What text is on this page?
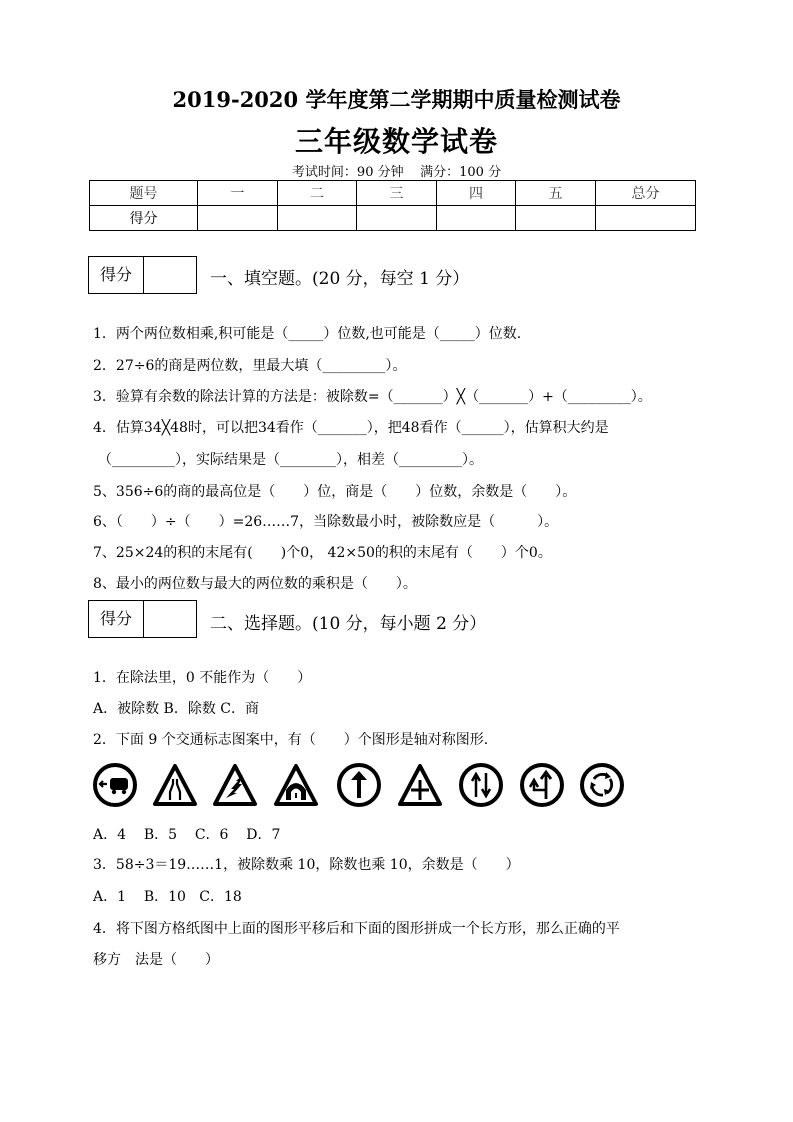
2019-2020 学年度第二学期期中质量检测试卷
三年级数学试卷
考试时间：90 分钟    满分：100 分
题号	一	二	三	四	五	总分
得分						
得分	一、填空题。(20 分，每空 1 分）
1．两个两位数相乘,积可能是（_____）位数,也可能是（_____）位数.
2．27÷6的商是两位数，里最大填（_________）。
3．验算有余数的除法计算的方法是：被除数=（_______）╳（_______）+（_________）。
4．估算34╳48时，可以把34看作（_______），把48看作（______），估算积大约是
（_________），实际结果是（________），相差（_________）。
5、356÷6的商的最高位是（　　）位，商是（　　）位数，余数是（　　）。
6、（　　）÷（　　）=26……7，当除数最小时，被除数应是（　　　）。
7、25×24的积的末尾有(　　)个0， 42×50的积的末尾有（　　）个0。
8、最小的两位数与最大的两位数的乘积是（　　）。
得分	二、选择题。(10 分，每小题 2 分）
1．在除法里，0 不能作为（　　）
A．被除数 B．除数 C．商
2．下面 9 个交通标志图案中，有（　　）个图形是轴对称图形.
A．4    B．5    C．6    D．7
3．58÷3＝19……1，被除数乘 10，除数也乘 10，余数是（　　）
A．1    B．10   C．18
4．将下图方格纸图中上面的图形平移后和下面的图形拼成一个长方形，那么正确的平
移方　法是（　　）
